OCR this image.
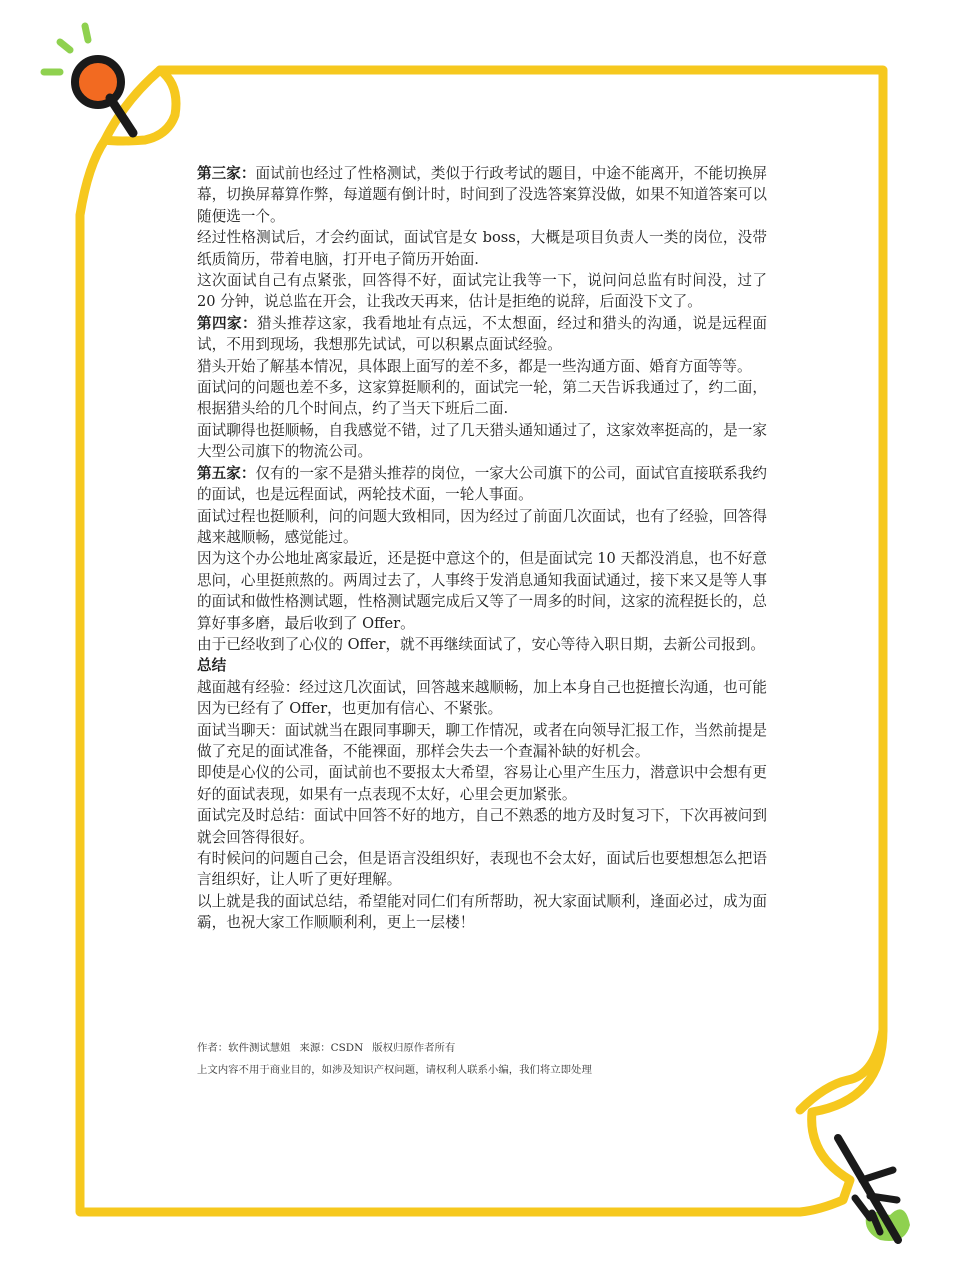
第三家：面试前也经过了性格测试，类似于行政考试的题目，中途不能离开，不能切换屏幕，切换屏幕算作弊，每道题有倒计时，时间到了没选答案算没做，如果不知道答案可以随便选一个。

经过性格测试后，才会约面试，面试官是女 boss，大概是项目负责人一类的岗位，没带纸质简历，带着电脑，打开电子简历开始面.

这次面试自己有点紧张，回答得不好，面试完让我等一下，说问问总监有时间没，过了 20 分钟，说总监在开会，让我改天再来，估计是拒绝的说辞，后面没下文了。

第四家：猎头推荐这家，我看地址有点远，不太想面，经过和猎头的沟通，说是远程面试，不用到现场，我想那先试试，可以积累点面试经验。

猎头开始了解基本情况，具体跟上面写的差不多，都是一些沟通方面、婚育方面等等。

面试问的问题也差不多，这家算挺顺利的，面试完一轮，第二天告诉我通过了，约二面，根据猎头给的几个时间点，约了当天下班后二面.

面试聊得也挺顺畅，自我感觉不错，过了几天猎头通知通过了，这家效率挺高的，是一家大型公司旗下的物流公司。

第五家：仅有的一家不是猎头推荐的岗位，一家大公司旗下的公司，面试官直接联系我约的面试，也是远程面试，两轮技术面，一轮人事面。

面试过程也挺顺利，问的问题大致相同，因为经过了前面几次面试，也有了经验，回答得越来越顺畅，感觉能过。

因为这个办公地址离家最近，还是挺中意这个的，但是面试完 10 天都没消息，也不好意思问，心里挺煎熬的。两周过去了，人事终于发消息通知我面试通过，接下来又是等人事的面试和做性格测试题，性格测试题完成后又等了一周多的时间，这家的流程挺长的，总算好事多磨，最后收到了 Offer。

由于已经收到了心仪的 Offer，就不再继续面试了，安心等待入职日期，去新公司报到。

总结

越面越有经验：经过这几次面试，回答越来越顺畅，加上本身自己也挺擅长沟通，也可能因为已经有了 Offer，也更加有信心、不紧张。

面试当聊天：面试就当在跟同事聊天，聊工作情况，或者在向领导汇报工作，当然前提是做了充足的面试准备，不能裸面，那样会失去一个查漏补缺的好机会。

即使是心仪的公司，面试前也不要报太大希望，容易让心里产生压力，潜意识中会想有更好的面试表现，如果有一点表现不太好，心里会更加紧张。

面试完及时总结：面试中回答不好的地方，自己不熟悉的地方及时复习下，下次再被问到就会回答得很好。

有时候问的问题自己会，但是语言没组织好，表现也不会太好，面试后也要想想怎么把语言组织好，让人听了更好理解。

以上就是我的面试总结，希望能对同仁们有所帮助，祝大家面试顺利，逢面必过，成为面霸，也祝大家工作顺顺利利，更上一层楼！

作者：软件测试慧姐 来源：CSDN 版权归原作者所有

上文内容不用于商业目的，如涉及知识产权问题，请权利人联系小编，我们将立即处理
